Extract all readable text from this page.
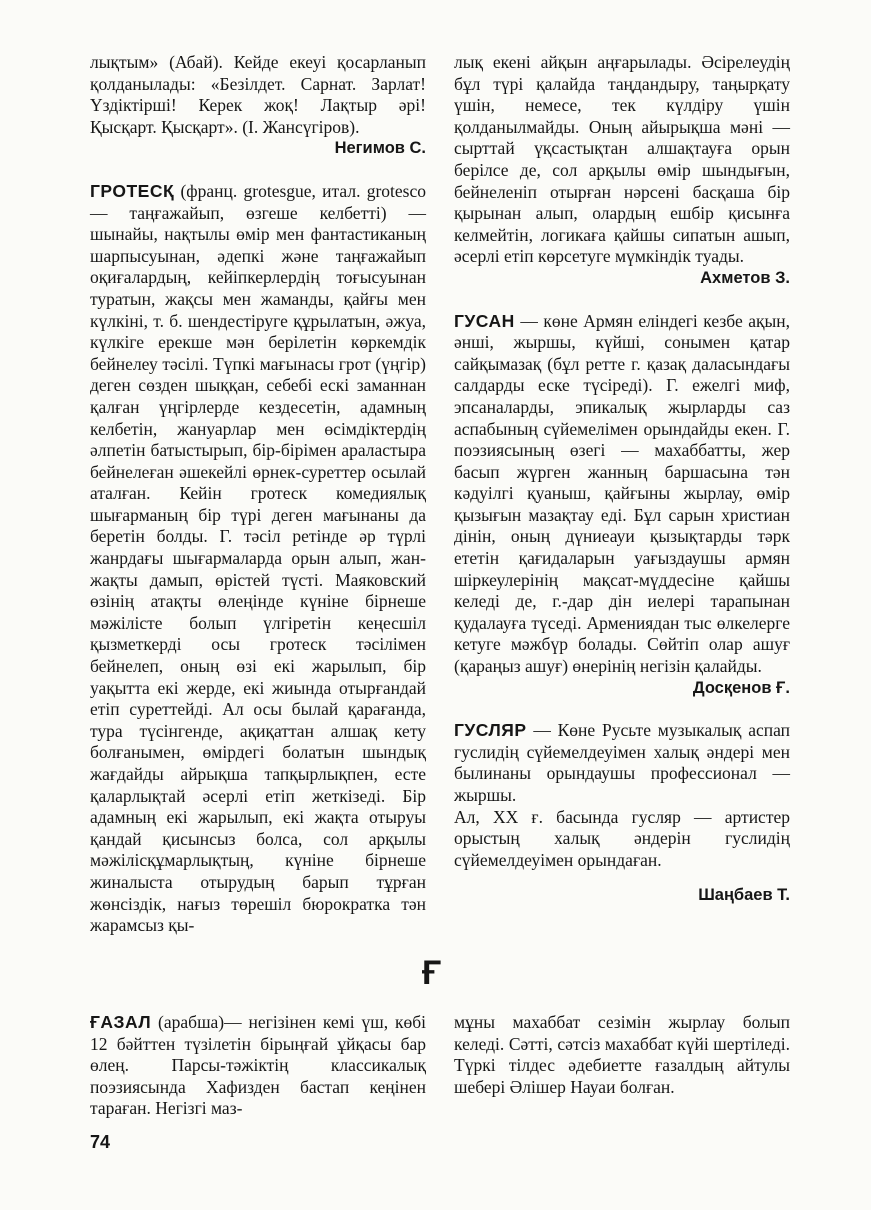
лықтым» (Абай). Кейде екеуі қосарланып қолданылады: «Безілдет. Сарнат. Зарлат! Үздіктірші! Керек жоқ! Лақтыр әрі! Қысқарт. Қысқарт». (І. Жансүгіров).

Негимов С.

ГРОТЕСҚ (франц. grotesgue, итал. grotesco — таңғажайып, өзгеше келбетті) — шынайы, нақтылы өмір мен фантастиканың шарпысуынан, әдепкі және таңғажайып оқиғалардың, кейіпкерлердің тоғысуынан туратын, жақсы мен жаманды, қайғы мен күлкіні, т. б. шендестіруге құрылатын, әжуа, күлкіге ерекше мән берілетін көркемдік бейнелеу тәсілі. Түпкі мағынасы грот (үңгір) деген сөзден шыққан, себебі ескі заманнан қалған үңгірлерде кездесетін, адамның келбетін, жануарлар мен өсімдіктердің әлпетін батыстырып, бір-бірімен араластыра бейнелеған әшекейлі өрнек-суреттер осылай аталған. Кейін гротеск комедиялық шығарманың бір түрі деген мағынаны да беретін болды. Г. тәсіл ретінде әр түрлі жанрдағы шығармаларда орын алып, жан-жақты дамып, өрістей түсті. Маяковский өзінің атақты өлеңінде күніне бірнеше мәжілісте болып үлгіретін кеңесшіл қызметкерді осы гротеск тәсілімен бейнелеп, оның өзі екі жарылып, бір уақытта екі жерде, екі жиында отырғандай етіп суреттейді. Ал осы былай қарағанда, тура түсінгенде, ақиқаттан алшақ кету болғанымен, өмірдегі болатын шындық жағдайды айрықша тапқырлықпен, есте қаларлықтай әсерлі етіп жеткізеді. Бір адамның екі жарылып, екі жақта отыруы қандай қисынсыз болса, сол арқылы мәжілісқұмарлықтың, күніне бірнеше жиналыста отырудың барып тұрған жөнсіздік, нағыз төрешіл бюрократка тән жарамсыз қы-

лық екені айқын аңғарылады. Әсірелеудің бұл түрі қалайда таңдандыру, таңырқату үшін, немесе, тек күлдіру үшін қолданылмайды. Оның айырықша мәні — сырттай үқсастықтан алшақтауға орын берілсе де, сол арқылы өмір шындығын, бейнеленіп отырған нәрсені басқаша бір қырынан алып, олардың ешбір қисынға келмейтін, логикаға қайшы сипатын ашып, әсерлі етіп көрсетуге мүмкіндік туады.

Ахметов З.

ГУСАН — көне Армян еліндегі кезбе ақын, әнші, жыршы, күйші, сонымен қатар сайқымазақ (бұл ретте г. қазақ даласындағы салдарды еске түсіреді). Г. ежелгі миф, эпсаналарды, эпикалық жырларды саз аспабының сүйемелімен орындайды екен. Г. поэзиясының өзегі — махаббатты, жер басып жүрген жанның баршасына тән кәдуілгі қуаныш, қайғыны жырлау, өмір қызығын мазақтау еді. Бұл сарын христиан дінін, оның дүниеауи қызықтарды тәрк ететін қағидаларын уағыздаушы армян шіркеулерінің мақсат-мүддесіне қайшы келеді де, г.-дар дін иелері тарапынан қудалауға түседі. Армениядан тыс өлкелерге кетуге мәжбүр болады. Сөйтіп олар ашуғ (қараңыз ашуғ) өнерінің негізін қалайды.

Досқенов Ғ.

ГУСЛЯР — Көне Русьте музыкалық аспап гуслидің сүйемелдеуімен халық әндері мен былинаны орындаушы профессионал — жыршы.

Ал, XX ғ. басында гусляр — артистер орыстың халық әндерін гуслидің сүйемелдеуімен орындаған.

Шаңбаев Т.

Ғ

ҒАЗАЛ (арабша)— негізінен кемі үш, көбі 12 бәйттен түзілетін бірыңғай ұйқасы бар өлең. Парсы-тәжіктің классикалық поэзиясында Хафизден бастап кеңінен тараған. Негізгі маз-

мұны махаббат сезімін жырлау болып келеді. Сәтті, сәтсіз махаббат күйі шертіледі. Түркі тілдес әдебиетте ғазалдың айтулы шебері Әлішер Науаи болған.

74
